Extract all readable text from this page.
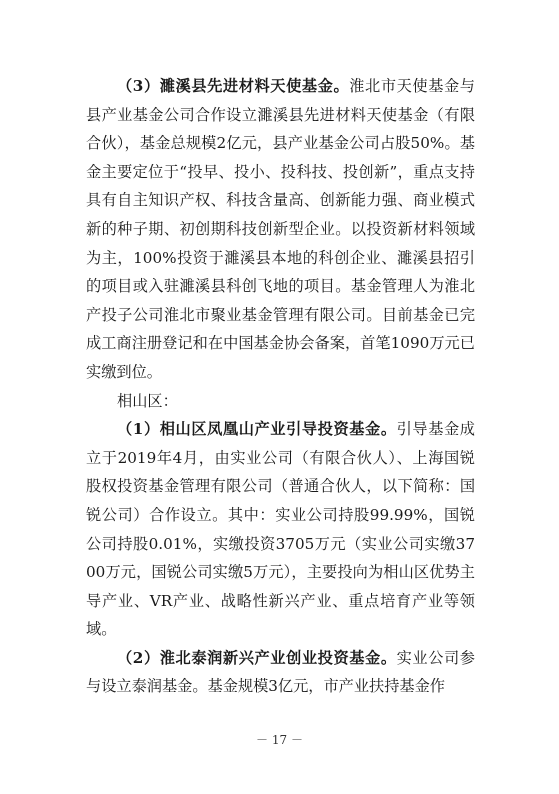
（3）濉溪县先进材料天使基金。淮北市天使基金与县产业基金公司合作设立濉溪县先进材料天使基金（有限合伙），基金总规模2亿元，县产业基金公司占股50%。基金主要定位于“投早、投小、投科技、投创新”，重点支持具有自主知识产权、科技含量高、创新能力强、商业模式新的种子期、初创期科技创新型企业。以投资新材料领域为主，100%投资于濉溪县本地的科创企业、濉溪县招引的项目或入驻濉溪县科创飞地的项目。基金管理人为淮北产投子公司淮北市聚业基金管理有限公司。目前基金已完成工商注册登记和在中国基金协会备案，首笔1090万元已实缴到位。

相山区：

（1）相山区凤凰山产业引导投资基金。引导基金成立于2019年4月，由实业公司（有限合伙人）、上海国锐股权投资基金管理有限公司（普通合伙人，以下简称：国锐公司）合作设立。其中：实业公司持股99.99%，国锐公司持股0.01%，实缴投资3705万元（实业公司实缴3700万元，国锐公司实缴5万元），主要投向为相山区优势主导产业、VR产业、战略性新兴产业、重点培育产业等领域。

（2）淮北泰润新兴产业创业投资基金。实业公司参与设立泰润基金。基金规模3亿元，市产业扶持基金作

－ 17 －
